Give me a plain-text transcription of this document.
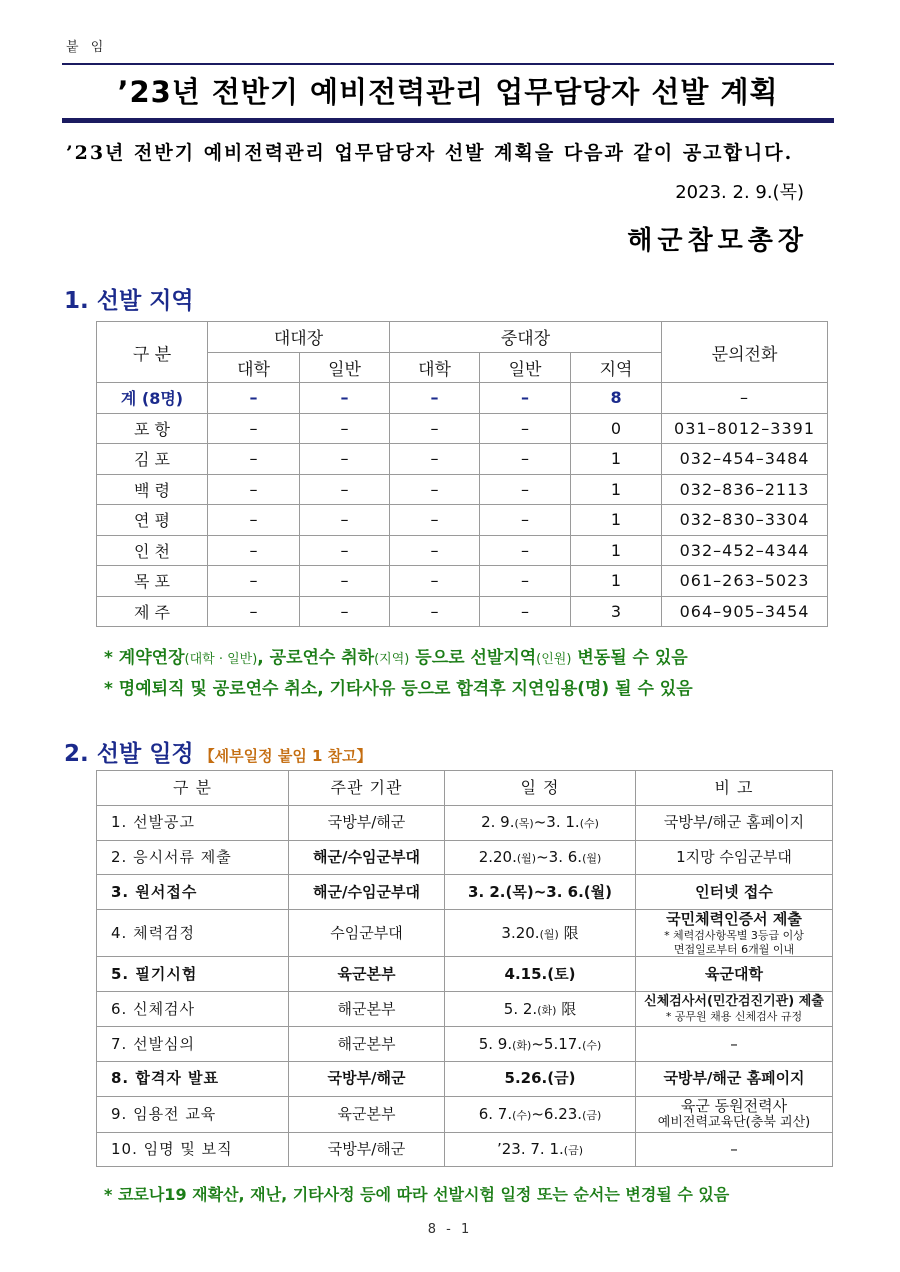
붙 임
’23년 전반기 예비전력관리 업무담당자 선발 계획
’23년 전반기 예비전력관리 업무담당자 선발 계획을 다음과 같이 공고합니다.
2023. 2. 9.(목)
해군참모총장
1. 선발 지역
구 분	대대장		중대장			문의전화
	대학	일반	대학	일반	지역	
계 (8명)	–	–	–	–	8	–
포 항	–	–	–	–	0	031–8012–3391
김 포	–	–	–	–	1	032–454–3484
백 령	–	–	–	–	1	032–836–2113
연 평	–	–	–	–	1	032–830–3304
인 천	–	–	–	–	1	032–452–4344
목 포	–	–	–	–	1	061–263–5023
제 주	–	–	–	–	3	064–905–3454
* 계약연장(대학 · 일반), 공로연수 취하(지역) 등으로 선발지역(인원) 변동될 수 있음
* 명예퇴직 및 공로연수 취소, 기타사유 등으로 합격후 지연임용(명) 될 수 있음
2. 선발 일정 【세부일정 붙임 1 참고】
구 분	주관 기관	일 정	비 고
1. 선발공고	국방부/해군	2. 9.(목)~3. 1.(수)	국방부/해군 홈페이지
2. 응시서류 제출	해군/수임군부대	2.20.(월)~3. 6.(월)	1지망 수임군부대
3. 원서접수	해군/수임군부대	3. 2.(목)~3. 6.(월)	인터넷 접수
4. 체력검정	수임군부대	3.20.(월) 限	국민체력인증서 제출
* 체력검사항목별 3등급 이상
면접일로부터 6개월 이내

5. 필기시험	육군본부	4.15.(토)	육군대학
6. 신체검사	해군본부	5. 2.(화) 限	신체검사서(민간검진기관) 제출
* 공무원 채용 신체검사 규정

7. 선발심의	해군본부	5. 9.(화)~5.17.(수)	–
8. 합격자 발표	국방부/해군	5.26.(금)	국방부/해군 홈페이지
9. 임용전 교육	육군본부	6. 7.(수)~6.23.(금)	육군 동원전력사
예비전력교육단(충북 괴산)

10. 임명 및 보직	국방부/해군	’23. 7. 1.(금)	–
* 코로나19 재확산, 재난, 기타사정 등에 따라 선발시험 일정 또는 순서는 변경될 수 있음
8 - 1
